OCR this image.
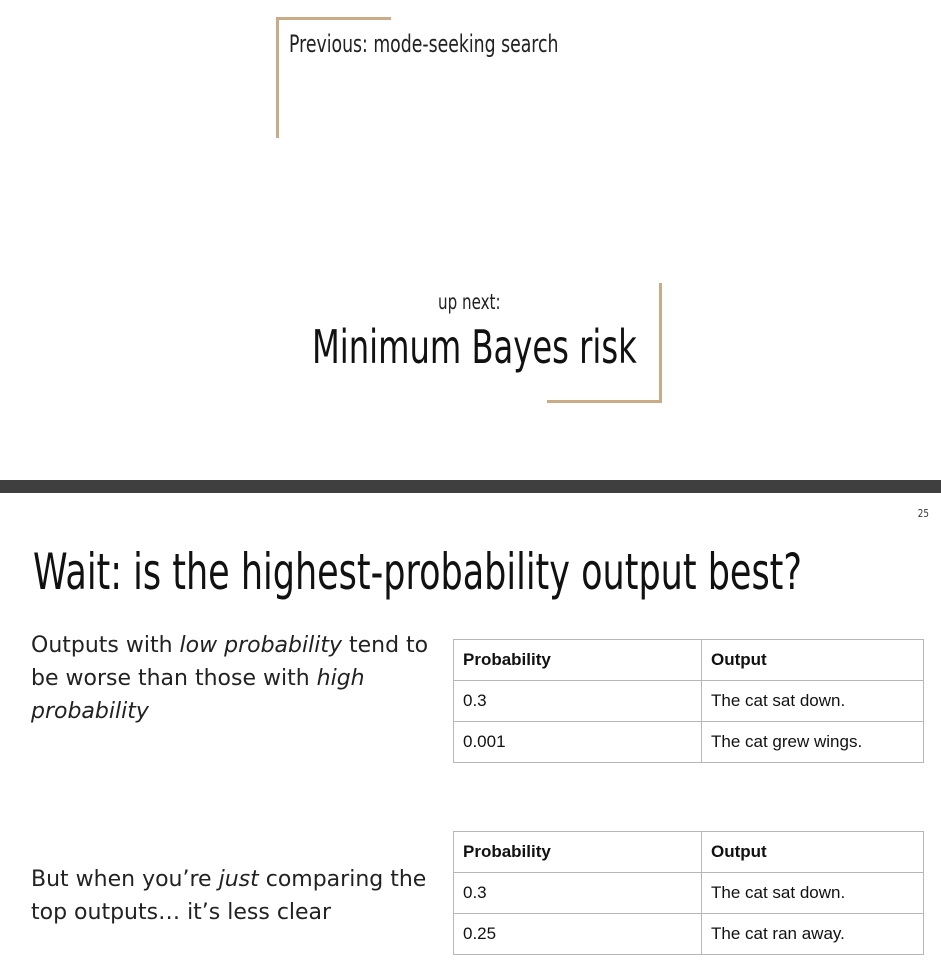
Previous: mode-seeking search
up next:
Minimum Bayes risk
25
Wait: is the highest-probability output best?
Outputs with low probability tend to be worse than those with high probability
Probability	Output
0.3	The cat sat down.
0.001	The cat grew wings.
But when you’re just comparing the top outputs… it’s less clear
Probability	Output
0.3	The cat sat down.
0.25	The cat ran away.
